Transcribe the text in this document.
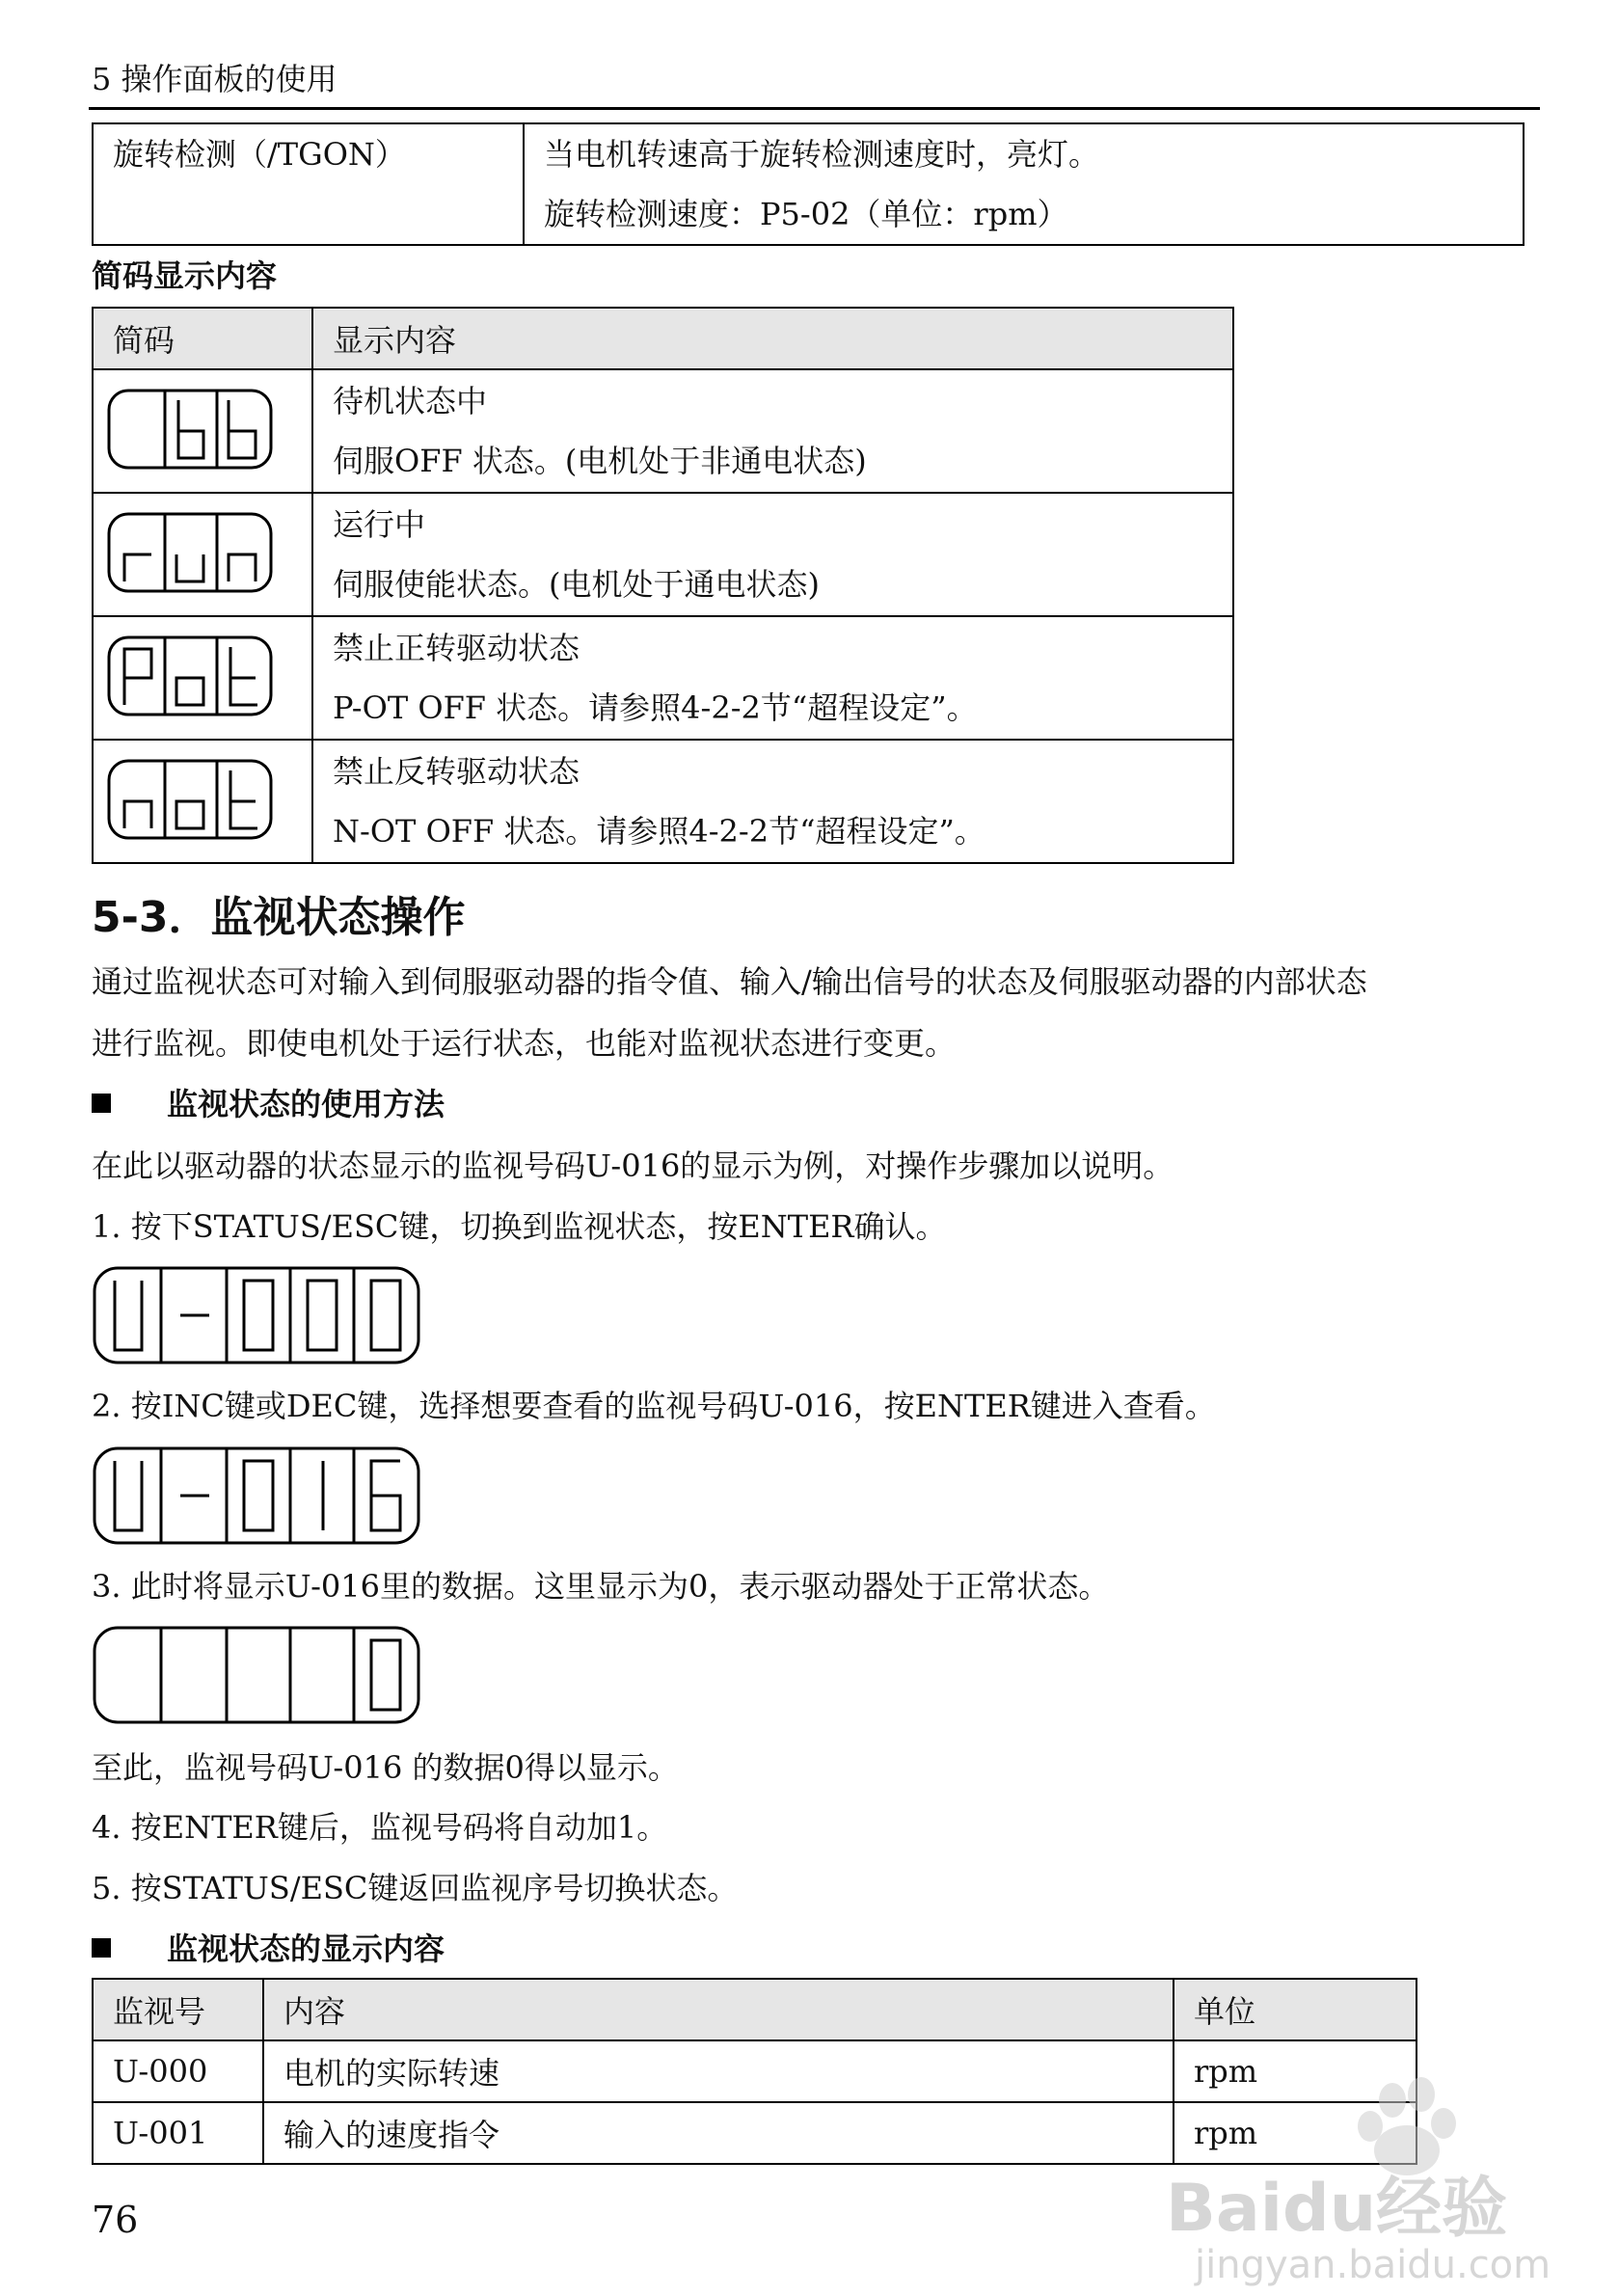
5 操作面板的使用
旋转检测（/TGON）	当电机转速高于旋转检测速度时，亮灯。
旋转检测速度：P5-02（单位：rpm）
简码显示内容
简码	显示内容

待机状态中
伺服OFF 状态。(电机处于非通电状态)

运行中
伺服使能状态。(电机处于通电状态)

禁止正转驱动状态
P-OT OFF 状态。请参照4-2-2节“超程设定”。

禁止反转驱动状态
N-OT OFF 状态。请参照4-2-2节“超程设定”。
5-3．监视状态操作
通过监视状态可对输入到伺服驱动器的指令值、输入/输出信号的状态及伺服驱动器的内部状态
进行监视。即使电机处于运行状态，也能对监视状态进行变更。
监视状态的使用方法
在此以驱动器的状态显示的监视号码U-016的显示为例，对操作步骤加以说明。
1. 按下STATUS/ESC键，切换到监视状态，按ENTER确认。
2. 按INC键或DEC键，选择想要查看的监视号码U-016，按ENTER键进入查看。
3. 此时将显示U-016里的数据。这里显示为0，表示驱动器处于正常状态。
至此，监视号码U-016 的数据0得以显示。
4. 按ENTER键后，监视号码将自动加1。
5. 按STATUS/ESC键返回监视序号切换状态。
监视状态的显示内容
监视号	内容	单位
U-000	电机的实际转速	rpm
U-001	输入的速度指令	rpm
76	Baidu经验
jingyan.baidu.com
